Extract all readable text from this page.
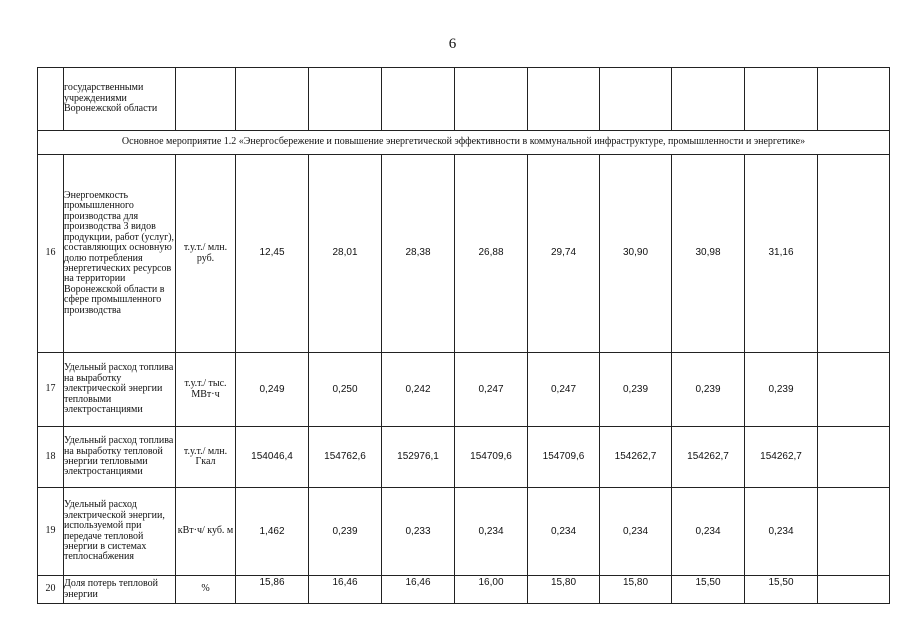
6
	государственными учреждениями Воронежской области										
Основное мероприятие 1.2 «Энергосбережение и повышение энергетической эффективности в коммунальной инфраструктуре, промышленности и энергетике»											
16	Энергоемкость промышленного производства для производства 3 видов продукции, работ (услуг), составляющих основную долю потребления энергетических ресурсов на территории Воронежской области в сфере промышленного производства	т.у.т./ млн. руб.	12,45	28,01	28,38	26,88	29,74	30,90	30,98	31,16	
17	Удельный расход топлива на выработку электрической энергии тепловыми электростанциями	т.у.т./ тыс. МВт·ч	0,249	0,250	0,242	0,247	0,247	0,239	0,239	0,239	
18	Удельный расход топлива на выработку тепловой энергии тепловыми электростанциями	т.у.т./ млн. Гкал	154046,4	154762,6	152976,1	154709,6	154709,6	154262,7	154262,7	154262,7	
19	Удельный расход электрической энергии, используемой при передаче тепловой энергии в системах теплоснабжения	кВт·ч/ куб. м	1,462	0,239	0,233	0,234	0,234	0,234	0,234	0,234	
20	Доля потерь тепловой энергии	%	15,86	16,46	16,46	16,00	15,80	15,80	15,50	15,50	
